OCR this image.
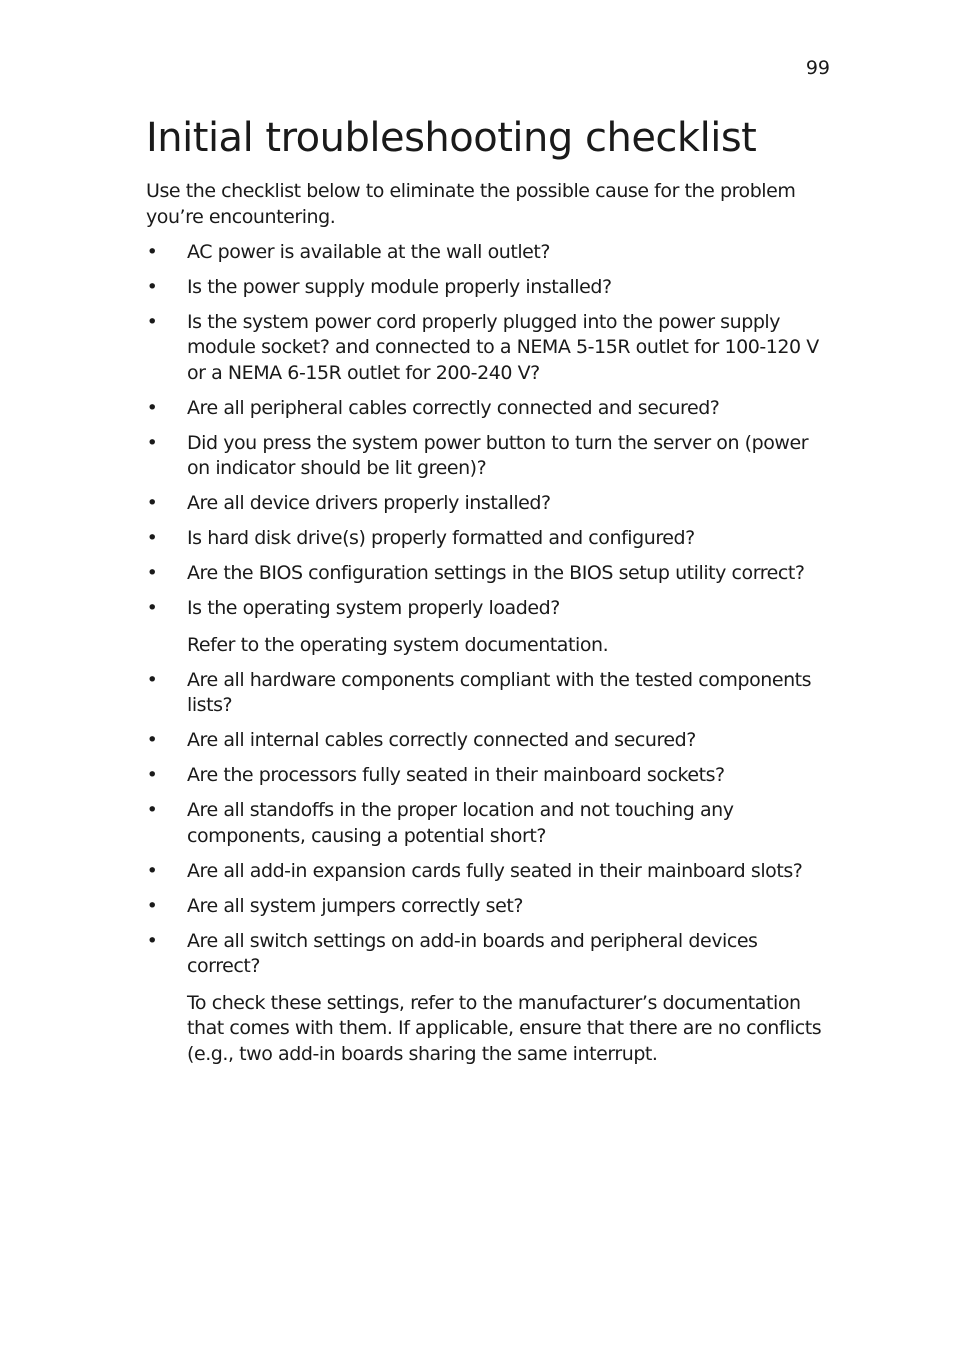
99
Initial troubleshooting checklist

Use the checklist below to eliminate the possible cause for the problem you’re encountering.

• AC power is available at the wall outlet?
• Is the power supply module properly installed?
• Is the system power cord properly plugged into the power supply module socket? and connected to a NEMA 5-15R outlet for 100-120 V or a NEMA 6-15R outlet for 200-240 V?
• Are all peripheral cables correctly connected and secured?
• Did you press the system power button to turn the server on (power on indicator should be lit green)?
• Are all device drivers properly installed?
• Is hard disk drive(s) properly formatted and configured?
• Are the BIOS configuration settings in the BIOS setup utility correct?
• Is the operating system properly loaded?
Refer to the operating system documentation.
• Are all hardware components compliant with the tested components lists?
• Are all internal cables correctly connected and secured?
• Are the processors fully seated in their mainboard sockets?
• Are all standoffs in the proper location and not touching any components, causing a potential short?
• Are all add-in expansion cards fully seated in their mainboard slots?
• Are all system jumpers correctly set?
• Are all switch settings on add-in boards and peripheral devices correct?
To check these settings, refer to the manufacturer’s documentation that comes with them. If applicable, ensure that there are no conflicts (e.g., two add-in boards sharing the same interrupt.
